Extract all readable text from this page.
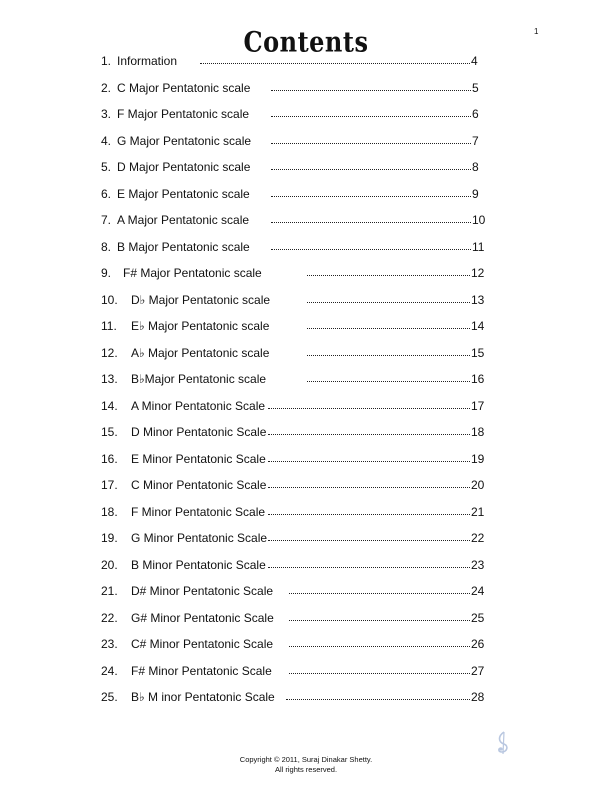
1
Contents
1. Information	4
2. C Major Pentatonic scale	5
3. F Major Pentatonic scale	6
4. G Major Pentatonic scale	7
5. D Major Pentatonic scale	8
6. E Major Pentatonic scale	9
7. A Major Pentatonic scale	10
8. B Major Pentatonic scale	11
9. F# Major Pentatonic scale	12
10. D♭ Major Pentatonic scale	13
11. E♭ Major Pentatonic scale	14
12. A♭ Major Pentatonic scale	15
13. B♭Major Pentatonic scale	16
14. A Minor Pentatonic Scale	17
15. D Minor Pentatonic Scale	18
16. E Minor Pentatonic Scale	19
17. C Minor Pentatonic Scale	20
18. F Minor Pentatonic Scale	21
19. G Minor Pentatonic Scale	22
20. B Minor Pentatonic Scale	23
21. D# Minor Pentatonic Scale	24
22. G# Minor Pentatonic Scale	25
23. C# Minor Pentatonic Scale	26
24. F# Minor Pentatonic Scale	27
25. B♭ M inor Pentatonic Scale	28
Copyright © 2011, Suraj Dinakar Shetty.
All rights reserved.
